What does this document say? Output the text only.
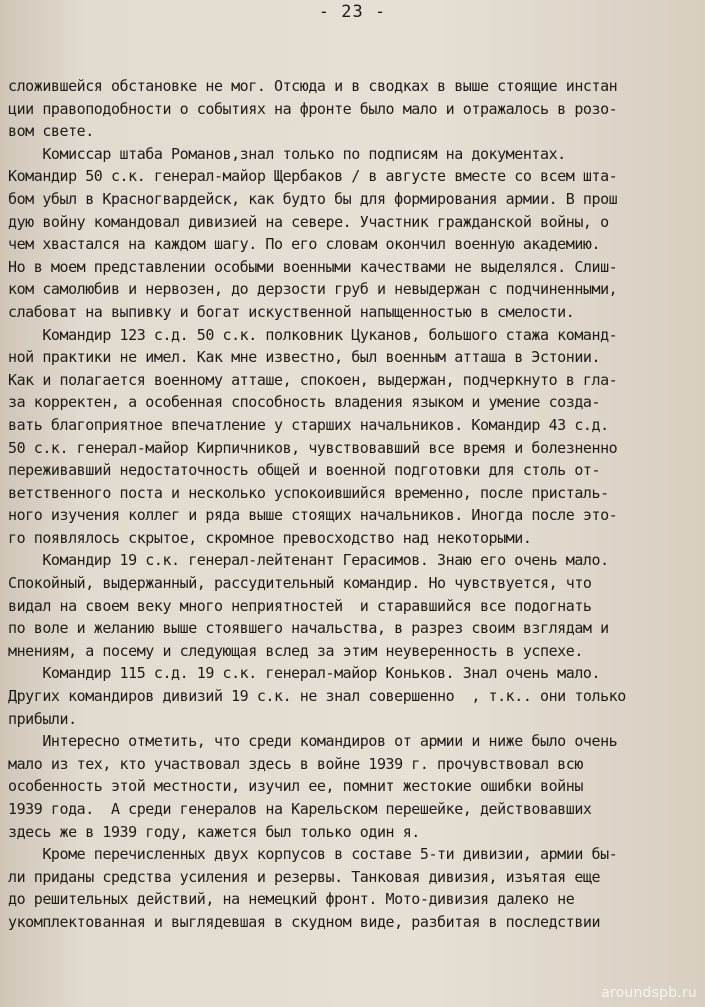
- 23 -
сложившейся обстановке не мог. Отсюда и в сводках в выше стоящие инстан
ции правоподобности о событиях на фронте было мало и отражалось в розо-
вом свете.
Комиссар штаба Романов,знал только по подписям на документах.
Командир 50 с.к. генерал-майор Щербаков / в августе вместе со всем шта-
бом убыл в Красногвардейск, как будто бы для формирования армии. В прош
дую войну командовал дивизией на севере. Участник гражданской войны, о
чем хвастался на каждом шагу. По его словам окончил военную академию.
Но в моем представлении особыми военными качествами не выделялся. Слиш-
ком самолюбив и нервозен, до дерзости груб и невыдержан с подчиненными,
слабоват на выпивку и богат искуственной напыщенностью в смелости.
Командир 123 с.д. 50 с.к. полковник Цуканов, большого стажа команд-
ной практики не имел. Как мне известно, был военным атташа в Эстонии.
Как и полагается военному атташе, спокоен, выдержан, подчеркнуто в гла-
за корректен, а особенная способность владения языком и умение созда-
вать благоприятное впечатление у старших начальников. Командир 43 с.д.
50 с.к. генерал-майор Кирпичников, чувствовавший все время и болезненно
переживавший недостаточность общей и военной подготовки для столь от-
ветственного поста и несколько успокоившийся временно, после присталь-
ного изучения коллег и ряда выше стоящих начальников. Иногда после это-
го появлялось скрытое, скромное превосходство над некоторыми.
Командир 19 с.к. генерал-лейтенант Герасимов. Знаю его очень мало.
Спокойный, выдержанный, рассудительный командир. Но чувствуется, что
видал на своем веку много неприятностей  и старавшийся все подогнать
по воле и желанию выше стоявшего начальства, в разрез своим взглядам и
мнениям, а посему и следующая вслед за этим неуверенность в успехе.
Командир 115 с.д. 19 с.к. генерал-майор Коньков. Знал очень мало.
Других командиров дивизий 19 с.к. не знал совершенно  , т.к.. они только
прибыли.
Интересно отметить, что среди командиров от армии и ниже было очень
мало из тех, кто участвовал здесь в войне 1939 г. прочувствовал всю
особенность этой местности, изучил ее, помнит жестокие ошибки войны
1939 года.  А среди генералов на Карельском перешейке, действовавших
здесь же в 1939 году, кажется был только один я.
Кроме перечисленных двух корпусов в составе 5-ти дивизии, армии бы-
ли приданы средства усиления и резервы. Танковая дивизия, изъятая еще
до решительных действий, на немецкий фронт. Мото-дивизия далеко не
укомплектованная и выглядевшая в скудном виде, разбитая в последствии
aroundspb.ru
